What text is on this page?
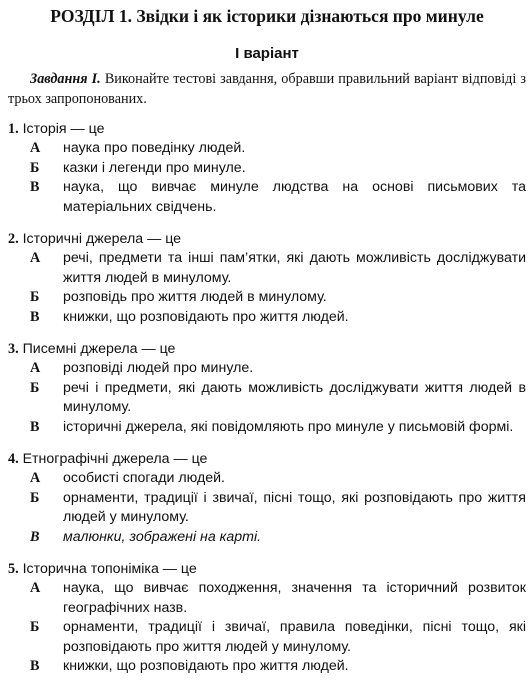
РОЗДІЛ 1. Звідки і як історики дізнаються про минуле
І варіант

Завдання І. Виконайте тестові завдання, обравши правильний варіант відповіді з трьох запропонованих.

1. Історія — це
А	наука про поведінку людей.
Б	казки і легенди про минуле.
В	наука, що вивчає минуле людства на основі письмових та матеріальних свідчень.
2. Історичні джерела — це
А	речі, предмети та інші пам’ятки, які дають можливість досліджувати життя людей в минулому.
Б	розповідь про життя людей в минулому.
В	книжки, що розповідають про життя людей.
3. Писемні джерела — це
А	розповіді людей про минуле.
Б	речі і предмети, які дають можливість досліджувати життя людей в минулому.
В	історичні джерела, які повідомляють про минуле у письмовій формі.
4. Етнографічні джерела — це
А	особисті спогади людей.
Б	орнаменти, традиції і звичаї, пісні тощо, які розповідають про життя людей у минулому.
В	малюнки, зображені на карті.
5. Історична топоніміка — це
А	наука, що вивчає походження, значення та історичний розвиток географічних назв.
Б	орнаменти, традиції і звичаї, правила поведінки, пісні тощо, які розповідають про життя людей у минулому.
В	книжки, що розповідають про життя людей.
